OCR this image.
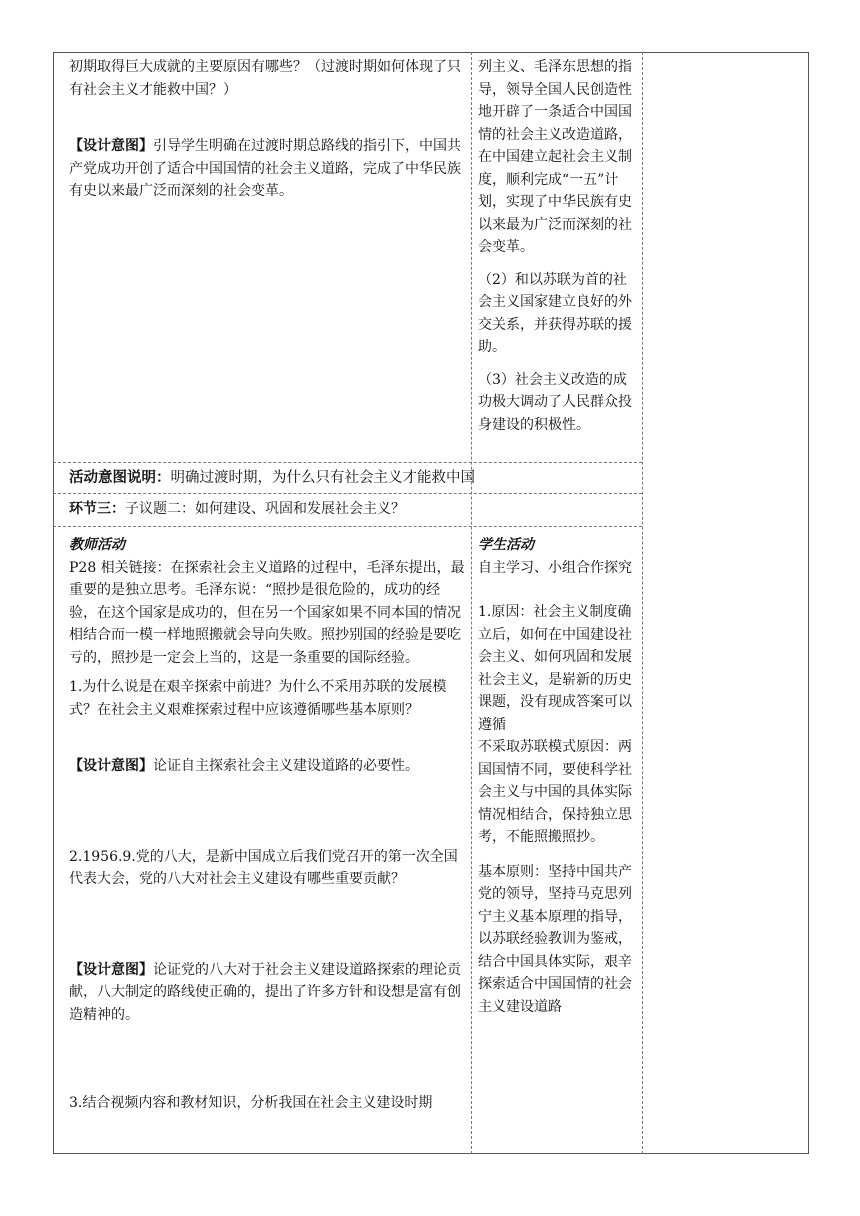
初期取得巨大成就的主要原因有哪些？（过渡时期如何体现了只有社会主义才能救中国？）

【设计意图】引导学生明确在过渡时期总路线的指引下，中国共产党成功开创了适合中国国情的社会主义道路，完成了中华民族有史以来最广泛而深刻的社会变革。

列主义、毛泽东思想的指导，领导全国人民创造性地开辟了一条适合中国国情的社会主义改造道路，在中国建立起社会主义制度，顺利完成“一五”计划，实现了中华民族有史以来最为广泛而深刻的社会变革。

（2）和以苏联为首的社会主义国家建立良好的外交关系，并获得苏联的援助。

（3）社会主义改造的成功极大调动了人民群众投身建设的积极性。

活动意图说明：明确过渡时期，为什么只有社会主义才能救中国
环节三：子议题二：如何建设、巩固和发展社会主义？

教师活动

P28 相关链接：在探索社会主义道路的过程中，毛泽东提出，最重要的是独立思考。毛泽东说：“照抄是很危险的，成功的经验，在这个国家是成功的，但在另一个国家如果不同本国的情况相结合而一模一样地照搬就会导向失败。照抄别国的经验是要吃亏的，照抄是一定会上当的，这是一条重要的国际经验。

1.为什么说是在艰辛探索中前进？为什么不采用苏联的发展模式？在社会主义艰难探索过程中应该遵循哪些基本原则？

【设计意图】论证自主探索社会主义建设道路的必要性。

2.1956.9.党的八大，是新中国成立后我们党召开的第一次全国代表大会，党的八大对社会主义建设有哪些重要贡献？

【设计意图】论证党的八大对于社会主义建设道路探索的理论贡献，八大制定的路线使正确的，提出了许多方针和设想是富有创造精神的。

3.结合视频内容和教材知识，分析我国在社会主义建设时期

学生活动

自主学习、小组合作探究

1.原因：社会主义制度确立后，如何在中国建设社会主义、如何巩固和发展社会主义，是崭新的历史课题，没有现成答案可以遵循

不采取苏联模式原因：两国国情不同，要使科学社会主义与中国的具体实际情况相结合，保持独立思考，不能照搬照抄。

基本原则：坚持中国共产党的领导，坚持马克思列宁主义基本原理的指导，以苏联经验教训为鉴戒，结合中国具体实际，艰辛探索适合中国国情的社会主义建设道路
